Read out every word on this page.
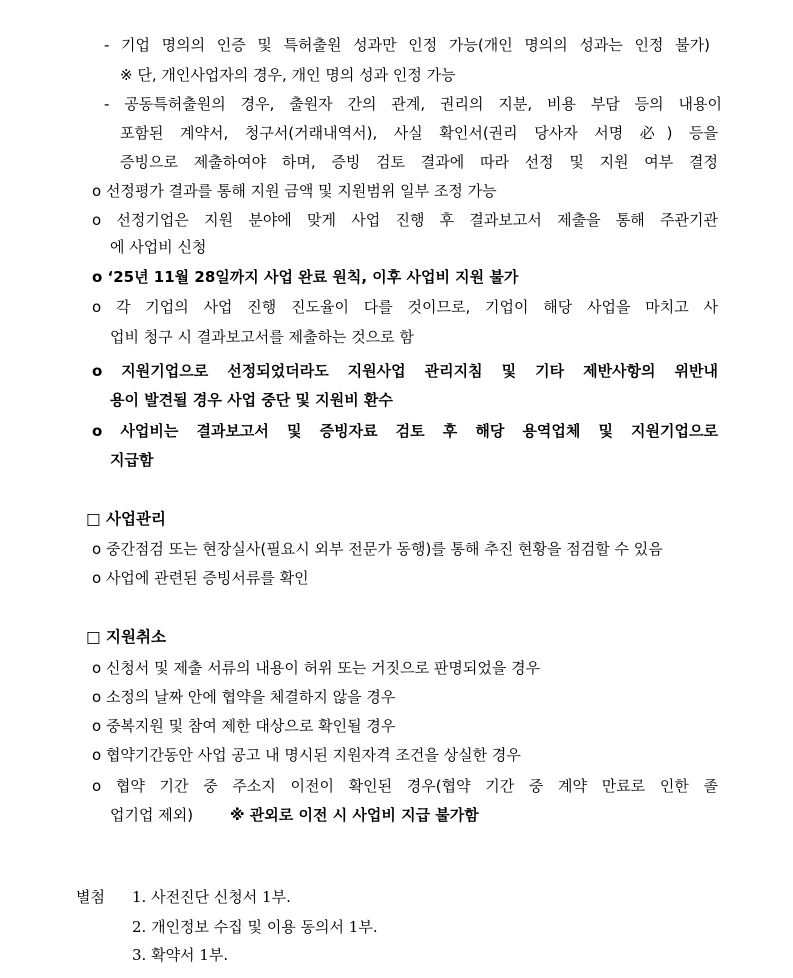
- 기업 명의의 인증 및 특허출원 성과만 인정 가능(개인 명의의 성과는 인정 불가)
※ 단, 개인사업자의 경우, 개인 명의 성과 인정 가능
- 공동특허출원의 경우, 출원자 간의 관계, 권리의 지분, 비용 부담 등의 내용이
포함된 계약서, 청구서(거래내역서), 사실 확인서(권리 당사자 서명 必) 등을
증빙으로 제출하여야 하며, 증빙 검토 결과에 따라 선정 및 지원 여부 결정
o 선정평가 결과를 통해 지원 금액 및 지원범위 일부 조정 가능
o 선정기업은 지원 분야에 맞게 사업 진행 후 결과보고서 제출을 통해 주관기관
에 사업비 신청
o ‘25년 11월 28일까지 사업 완료 원칙, 이후 사업비 지원 불가
o 각 기업의 사업 진행 진도율이 다를 것이므로, 기업이 해당 사업을 마치고 사
업비 청구 시 결과보고서를 제출하는 것으로 함
o 지원기업으로 선정되었더라도 지원사업 관리지침 및 기타 제반사항의 위반내
용이 발견될 경우 사업 중단 및 지원비 환수
o 사업비는 결과보고서 및 증빙자료 검토 후 해당 용역업체 및 지원기업으로
지급함
□ 사업관리
o 중간점검 또는 현장실사(필요시 외부 전문가 동행)를 통해 추진 현황을 점검할 수 있음
o 사업에 관련된 증빙서류를 확인
□ 지원취소
o 신청서 및 제출 서류의 내용이 허위 또는 거짓으로 판명되었을 경우
o 소정의 날짜 안에 협약을 체결하지 않을 경우
o 중복지원 및 참여 제한 대상으로 확인될 경우
o 협약기간동안 사업 공고 내 명시된 지원자격 조건을 상실한 경우
o 협약 기간 중 주소지 이전이 확인된 경우(협약 기간 중 계약 만료로 인한 졸
업기업 제외) ※ 관외로 이전 시 사업비 지급 불가함
별첨 1. 사전진단 신청서 1부.
2. 개인정보 수집 및 이용 동의서 1부.
3. 확약서 1부.
